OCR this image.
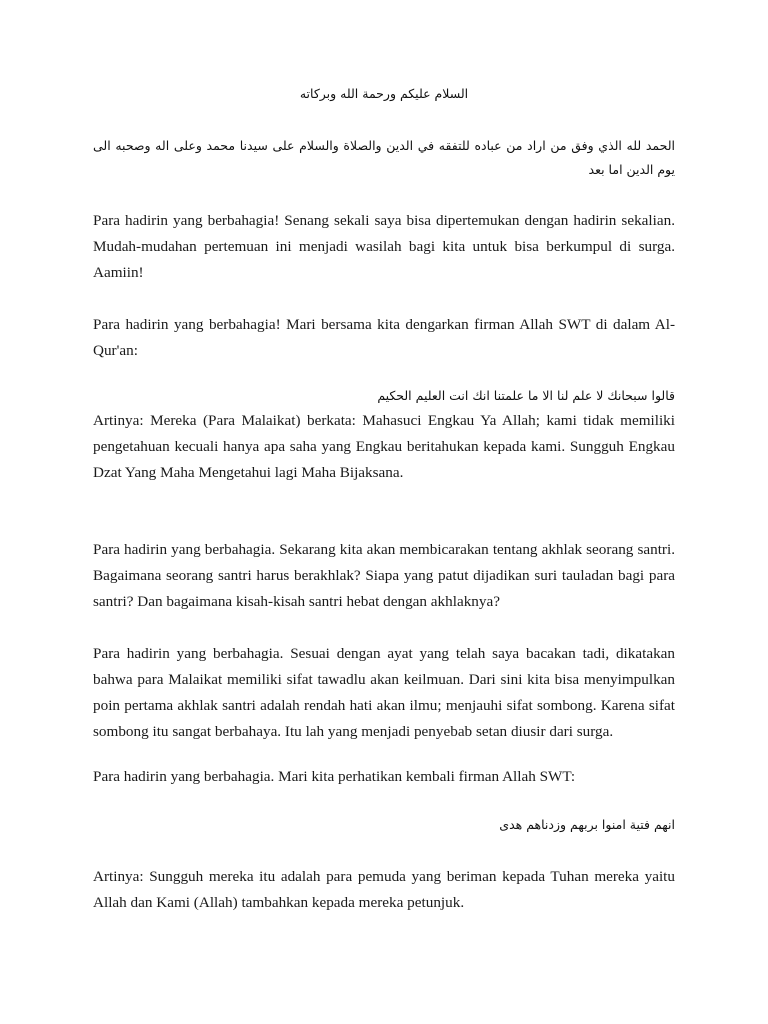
السلام عليكم ورحمة الله وبركاته

الحمد لله الذي وفق من اراد من عباده للتفقه في الدين والصلاة والسلام على سيدنا محمد وعلى اله وصحبه الى يوم الدين اما بعد

Para hadirin yang berbahagia! Senang sekali saya bisa dipertemukan dengan hadirin sekalian. Mudah-mudahan pertemuan ini menjadi wasilah bagi kita untuk bisa berkumpul di surga. Aamiin!

Para hadirin yang berbahagia! Mari bersama kita dengarkan firman Allah SWT di dalam Al-Qur'an:

قالوا سبحانك لا علم لنا الا ما علمتنا انك انت العليم الحكيم

Artinya: Mereka (Para Malaikat) berkata: Mahasuci Engkau Ya Allah; kami tidak memiliki pengetahuan kecuali hanya apa saha yang Engkau beritahukan kepada kami. Sungguh Engkau Dzat Yang Maha Mengetahui lagi Maha Bijaksana.

Para hadirin yang berbahagia. Sekarang kita akan membicarakan tentang akhlak seorang santri. Bagaimana seorang santri harus berakhlak? Siapa yang patut dijadikan suri tauladan bagi para santri? Dan bagaimana kisah-kisah santri hebat dengan akhlaknya?

Para hadirin yang berbahagia. Sesuai dengan ayat yang telah saya bacakan tadi, dikatakan bahwa para Malaikat memiliki sifat tawadlu akan keilmuan. Dari sini kita bisa menyimpulkan poin pertama akhlak santri adalah rendah hati akan ilmu; menjauhi sifat sombong. Karena sifat sombong itu sangat berbahaya. Itu lah yang menjadi penyebab setan diusir dari surga.

Para hadirin yang berbahagia. Mari kita perhatikan kembali firman Allah SWT:

انهم فتية امنوا بربهم وزدناهم هدى

Artinya: Sungguh mereka itu adalah para pemuda yang beriman kepada Tuhan mereka yaitu Allah dan Kami (Allah) tambahkan kepada mereka petunjuk.
